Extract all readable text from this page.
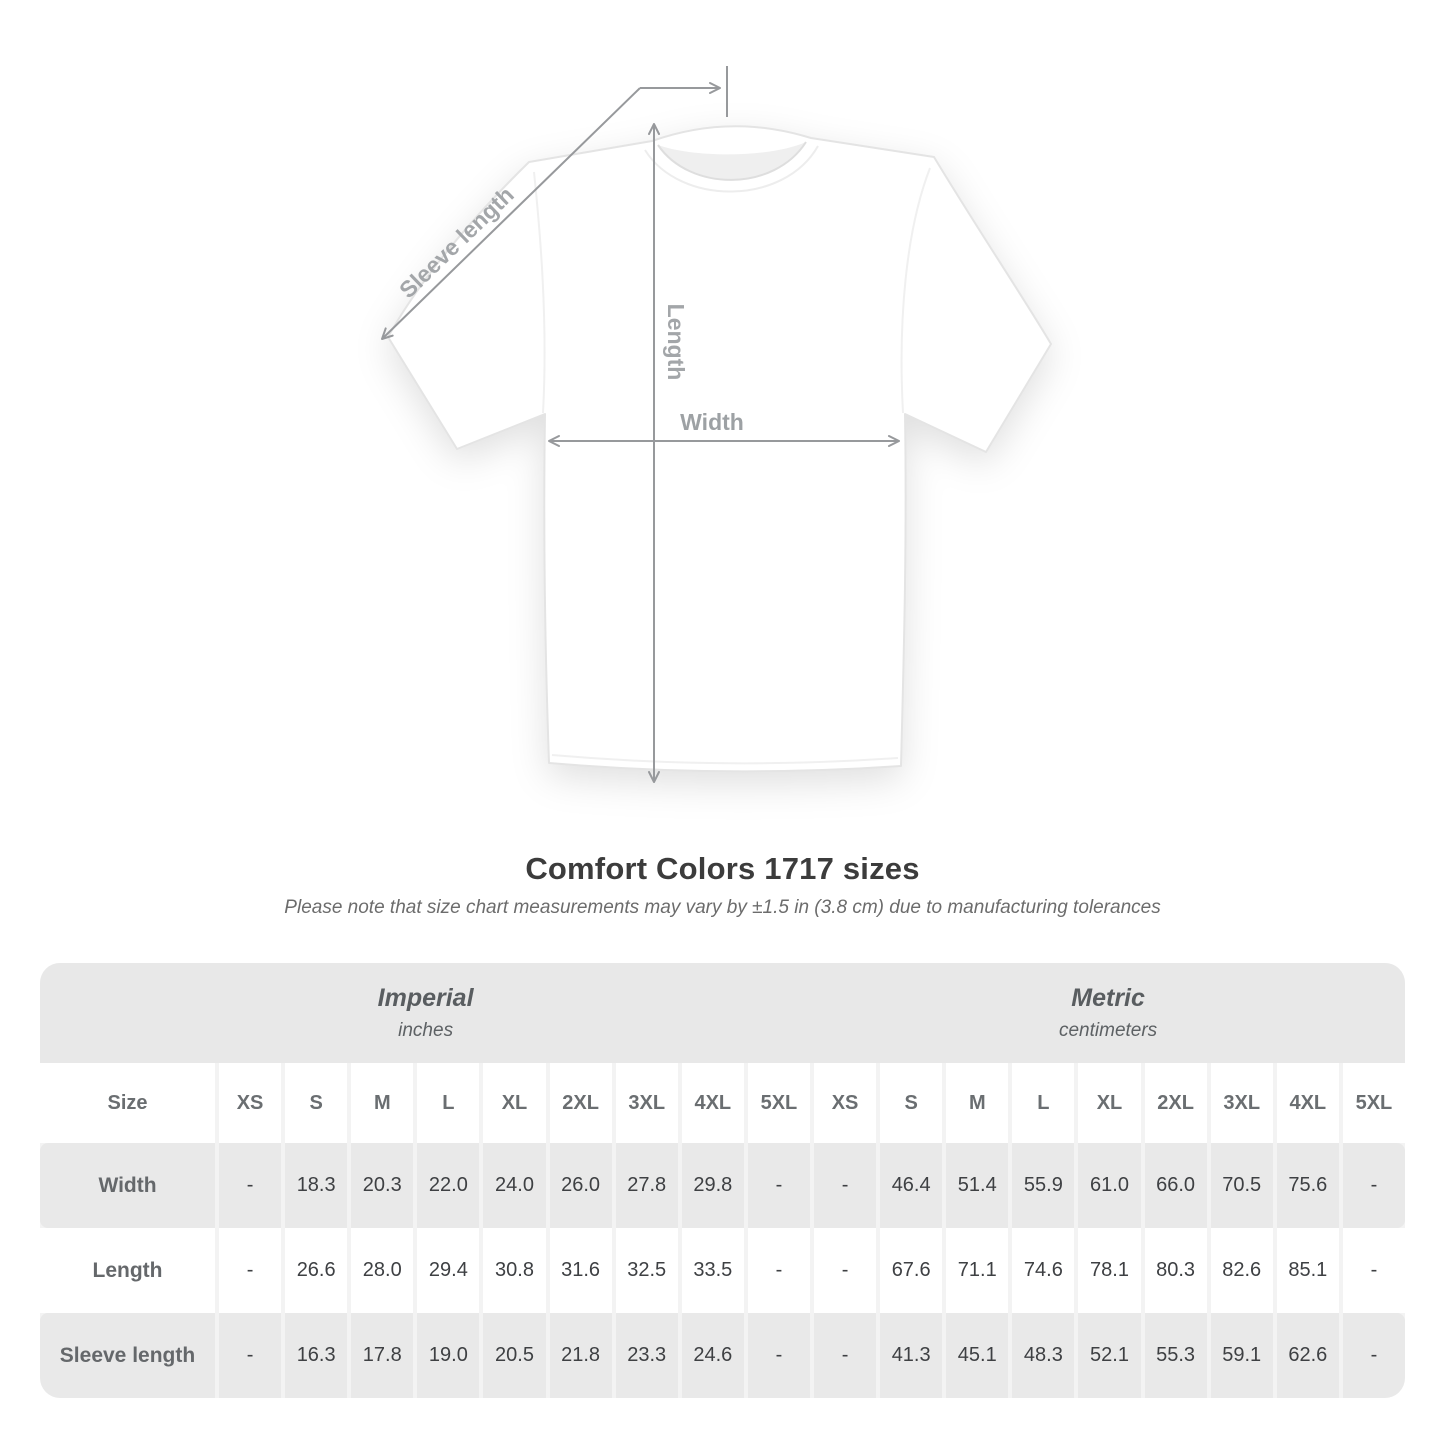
Sleeve length
Length
Width
Comfort Colors 1717 sizes

Please note that size chart measurements may vary by ±1.5 in (3.8 cm) due to manufacturing tolerances

Imperial
inches
Metric
centimeters
Size	XS	S	M	L	XL	2XL	3XL	4XL	5XL	XS	S	M	L	XL	2XL	3XL	4XL	5XL
Width	-	18.3	20.3	22.0	24.0	26.0	27.8	29.8	-	-	46.4	51.4	55.9	61.0	66.0	70.5	75.6	-
Length	-	26.6	28.0	29.4	30.8	31.6	32.5	33.5	-	-	67.6	71.1	74.6	78.1	80.3	82.6	85.1	-
Sleeve length	-	16.3	17.8	19.0	20.5	21.8	23.3	24.6	-	-	41.3	45.1	48.3	52.1	55.3	59.1	62.6	-
